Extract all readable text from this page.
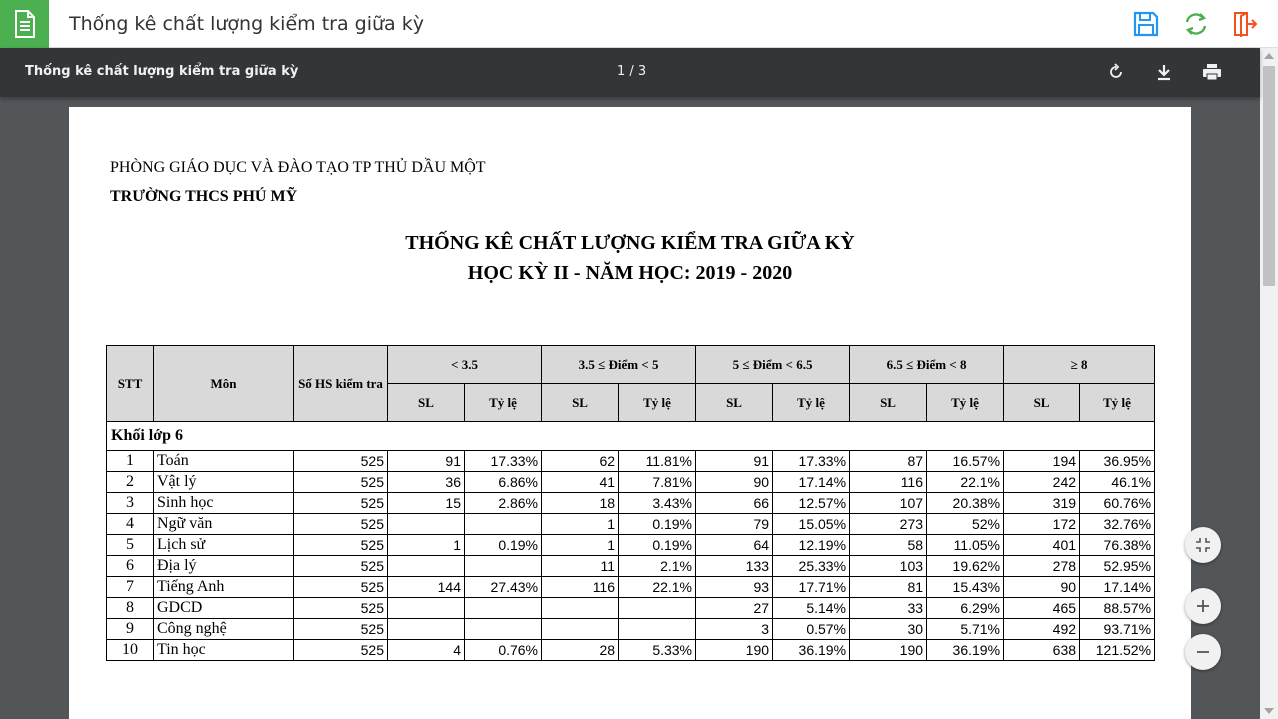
Thống kê chất lượng kiểm tra giữa kỳ
Thống kê chất lượng kiểm tra giữa kỳ	1 / 3
PHÒNG GIÁO DỤC VÀ ĐÀO TẠO TP THỦ DẦU MỘT
TRƯỜNG THCS PHÚ MỸ
THỐNG KÊ CHẤT LƯỢNG KIỂM TRA GIỮA KỲ
HỌC KỲ II - NĂM HỌC: 2019 - 2020
STT	Môn	Số HS kiểm tra	< 3.5		3.5 ≤ Điểm < 5		5 ≤ Điểm < 6.5		6.5 ≤ Điểm < 8		≥ 8	
			SL	Tỷ lệ	SL	Tỷ lệ	SL	Tỷ lệ	SL	Tỷ lệ	SL	Tỷ lệ
Khối lớp 6												
1	Toán	525	91	17.33%	62	11.81%	91	17.33%	87	16.57%	194	36.95%
2	Vật lý	525	36	6.86%	41	7.81%	90	17.14%	116	22.1%	242	46.1%
3	Sinh học	525	15	2.86%	18	3.43%	66	12.57%	107	20.38%	319	60.76%
4	Ngữ văn	525			1	0.19%	79	15.05%	273	52%	172	32.76%
5	Lịch sử	525	1	0.19%	1	0.19%	64	12.19%	58	11.05%	401	76.38%
6	Địa lý	525			11	2.1%	133	25.33%	103	19.62%	278	52.95%
7	Tiếng Anh	525	144	27.43%	116	22.1%	93	17.71%	81	15.43%	90	17.14%
8	GDCD	525					27	5.14%	33	6.29%	465	88.57%
9	Công nghệ	525					3	0.57%	30	5.71%	492	93.71%
10	Tin học	525	4	0.76%	28	5.33%	190	36.19%	190	36.19%	638	121.52%
